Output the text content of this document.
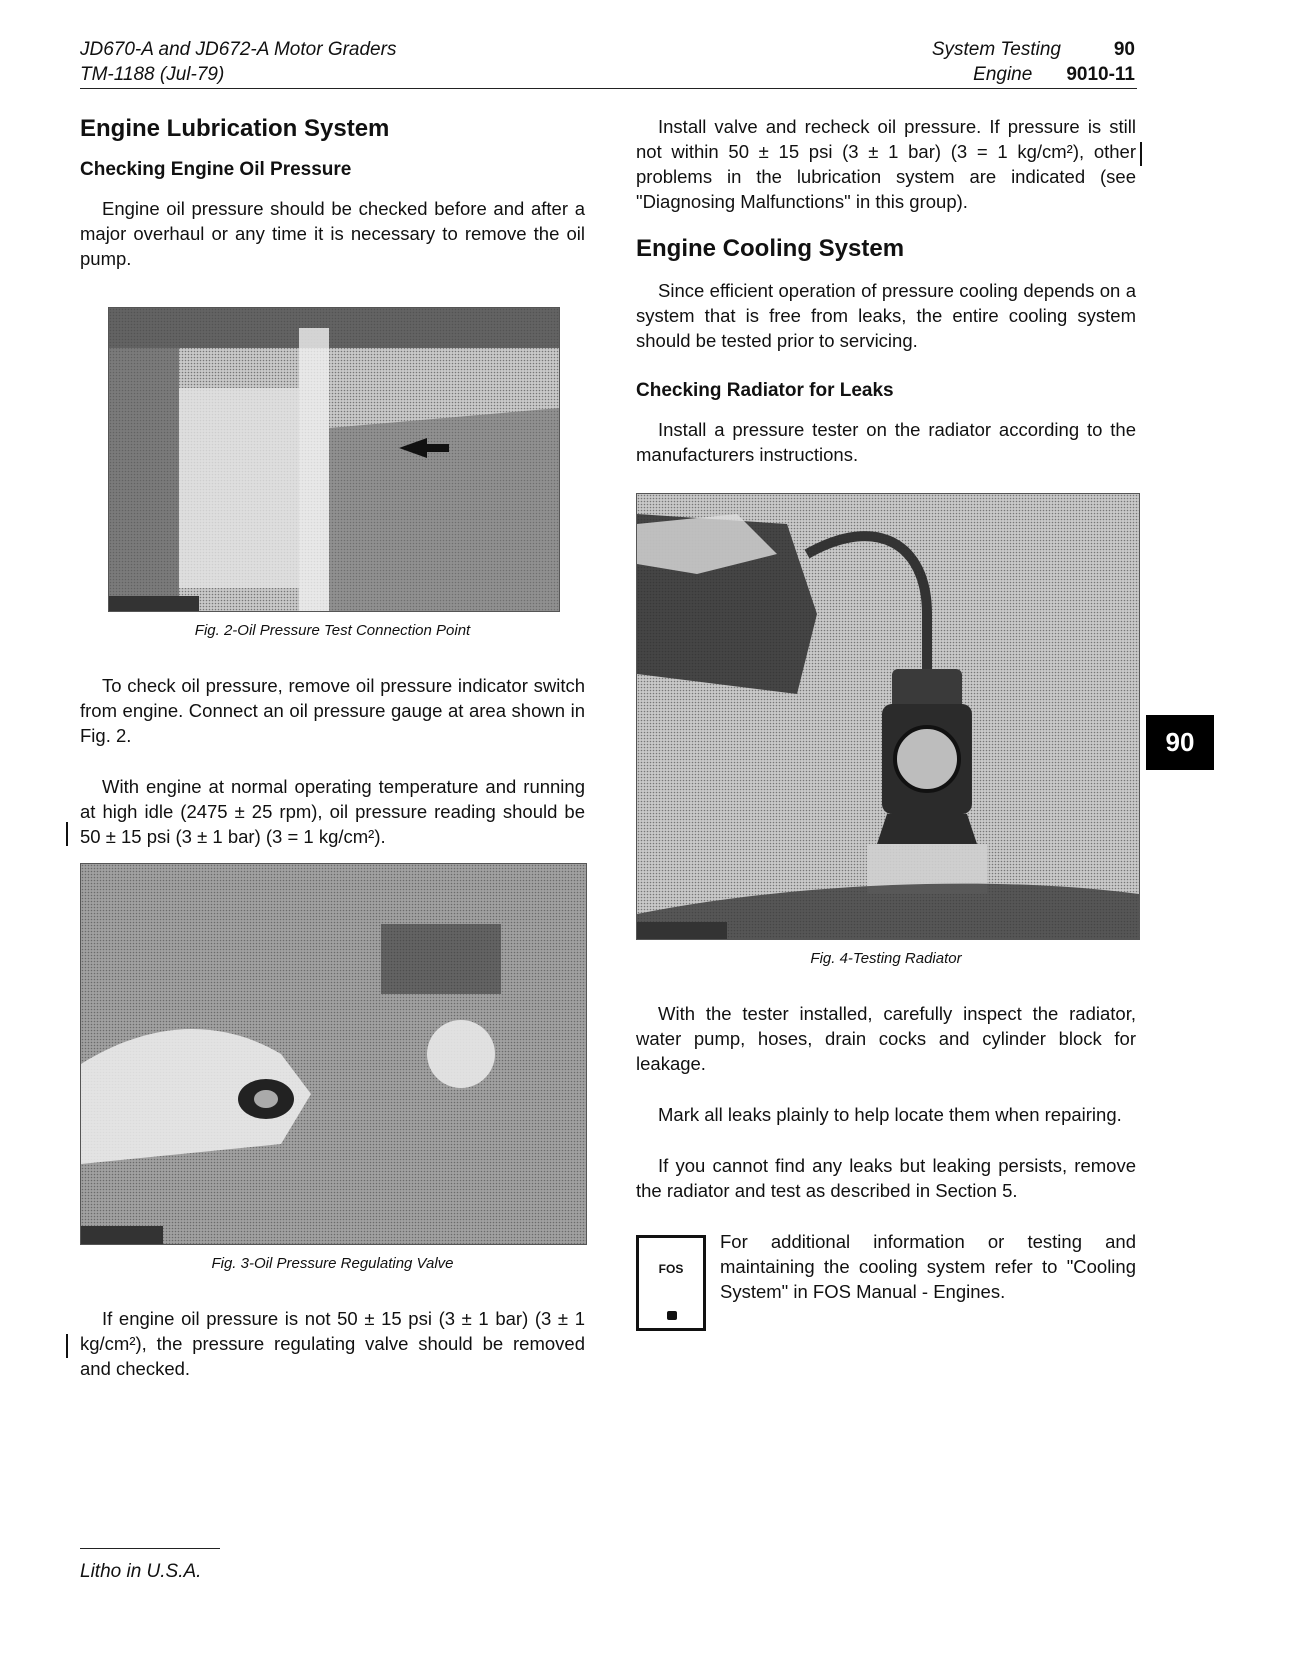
JD670-A and JD672-A Motor Graders
TM-1188 (Jul-79)
System Testing	90
Engine 9010-11
Engine Lubrication System
Checking Engine Oil Pressure

Engine oil pressure should be checked before and after a major overhaul or any time it is necessary to remove the oil pump.

Fig. 2-Oil Pressure Test Connection Point

To check oil pressure, remove oil pressure indicator switch from engine. Connect an oil pressure gauge at area shown in Fig. 2.

With engine at normal operating temperature and running at high idle (2475 ± 25 rpm), oil pressure reading should be 50 ± 15 psi (3 ± 1 bar) (3 = 1 kg/cm²).

Fig. 3-Oil Pressure Regulating Valve

If engine oil pressure is not 50 ± 15 psi (3 ± 1 bar) (3 ± 1 kg/cm²), the pressure regulating valve should be removed and checked.

Install valve and recheck oil pressure. If pressure is still not within 50 ± 15 psi (3 ± 1 bar) (3 = 1 kg/cm²), other problems in the lubrication system are indicated (see "Diagnosing Malfunctions" in this group).

Engine Cooling System

Since efficient operation of pressure cooling depends on a system that is free from leaks, the entire cooling system should be tested prior to servicing.

Checking Radiator for Leaks

Install a pressure tester on the radiator according to the manufacturers instructions.

Fig. 4-Testing Radiator

With the tester installed, carefully inspect the radiator, water pump, hoses, drain cocks and cylinder block for leakage.

Mark all leaks plainly to help locate them when repairing.

If you cannot find any leaks but leaking persists, remove the radiator and test as described in Section 5.

FOS
For additional information or testing and maintaining the cooling system refer to "Cooling System" in FOS Manual - Engines.
90
Litho in U.S.A.
